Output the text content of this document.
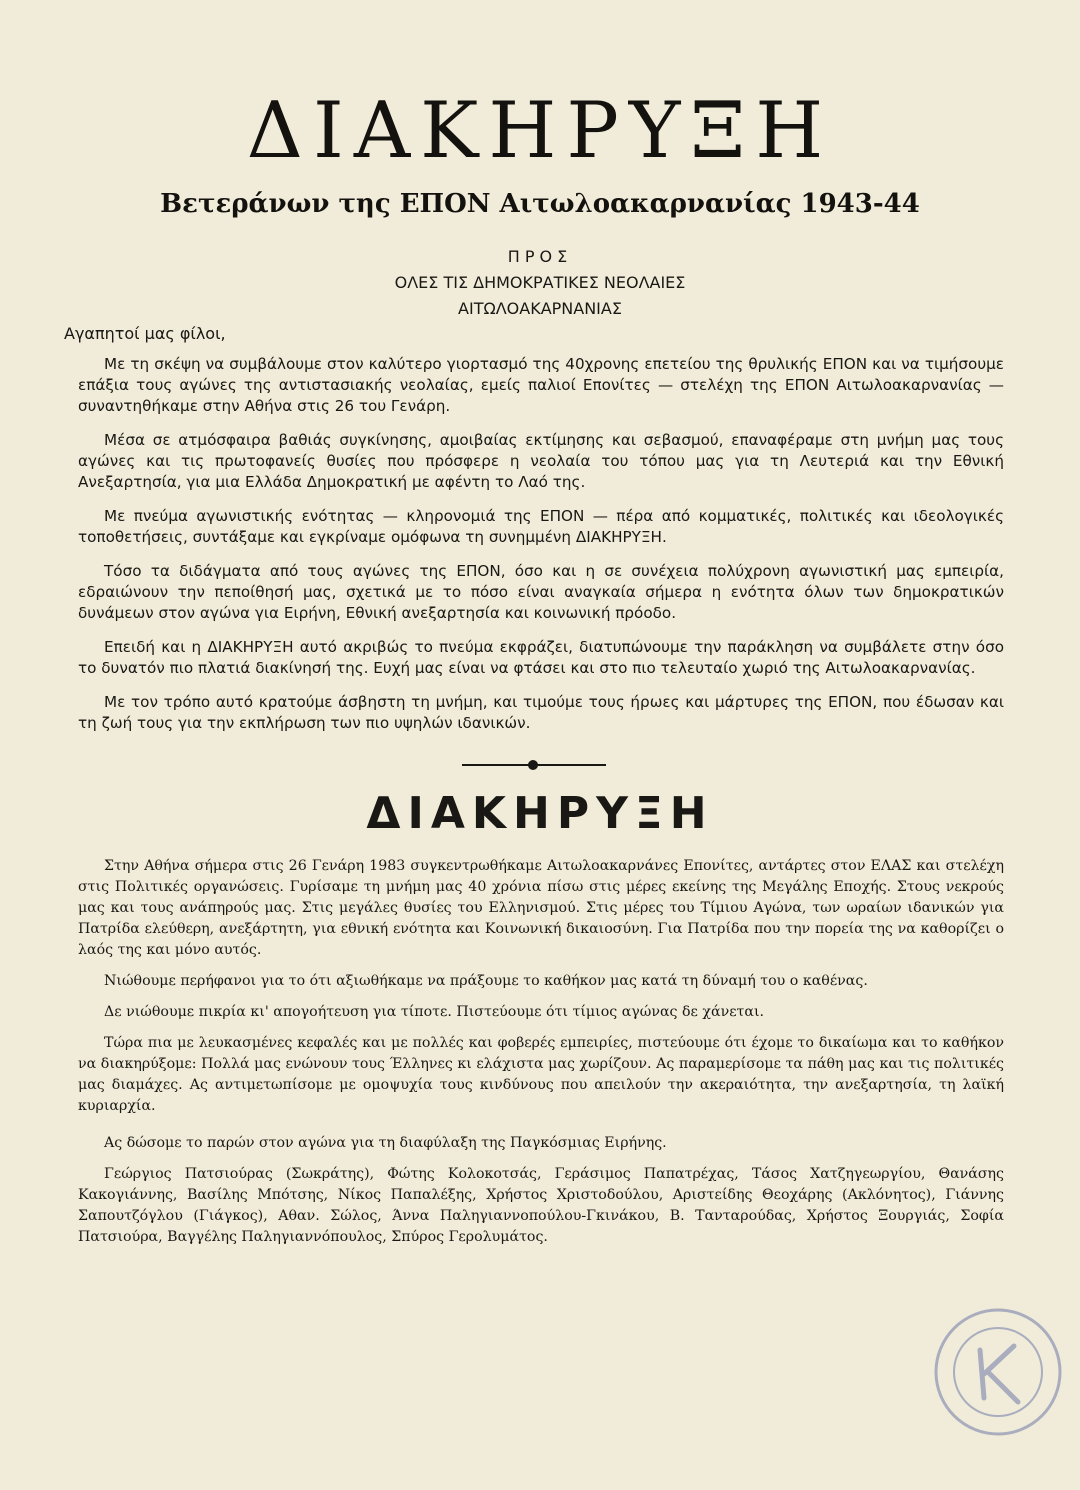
ΔΙΑΚΗΡΥΞΗ
Βετεράνων της ΕΠΟΝ Αιτωλοακαρνανίας 1943-44
ΠΡΟΣ
ΟΛΕΣ ΤΙΣ ΔΗΜΟΚΡΑΤΙΚΕΣ ΝΕΟΛΑΙΕΣ
ΑΙΤΩΛΟΑΚΑΡΝΑΝΙΑΣ
Αγαπητοί μας φίλοι,

Με τη σκέψη να συμβάλουμε στον καλύτερο γιορτασμό της 40χρονης επετείου της θρυλικής ΕΠΟΝ και να τιμήσουμε επάξια τους αγώνες της αντιστασιακής νεολαίας, εμείς παλιοί Επονίτες — στελέχη της ΕΠΟΝ Αιτωλοακαρνανίας — συναντηθήκαμε στην Αθήνα στις 26 του Γενάρη.

Μέσα σε ατμόσφαιρα βαθιάς συγκίνησης, αμοιβαίας εκτίμησης και σεβασμού, επαναφέραμε στη μνήμη μας τους αγώνες και τις πρωτοφανείς θυσίες που πρόσφερε η νεολαία του τόπου μας για τη Λευτεριά και την Εθνική Ανεξαρτησία, για μια Ελλάδα Δημοκρατική με αφέντη το Λαό της.

Με πνεύμα αγωνιστικής ενότητας — κληρονομιά της ΕΠΟΝ — πέρα από κομματικές, πολιτικές και ιδεολογικές τοποθετήσεις, συντάξαμε και εγκρίναμε ομόφωνα τη συνημμένη ΔΙΑΚΗΡΥΞΗ.

Τόσο τα διδάγματα από τους αγώνες της ΕΠΟΝ, όσο και η σε συνέχεια πολύχρονη αγωνιστική μας εμπειρία, εδραιώνουν την πεποίθησή μας, σχετικά με το πόσο είναι αναγκαία σήμερα η ενότητα όλων των δημοκρατικών δυνάμεων στον αγώνα για Ειρήνη, Εθνική ανεξαρτησία και κοινωνική πρόοδο.

Επειδή και η ΔΙΑΚΗΡΥΞΗ αυτό ακριβώς το πνεύμα εκφράζει, διατυπώνουμε την παράκληση να συμβάλετε στην όσο το δυνατόν πιο πλατιά διακίνησή της. Ευχή μας είναι να φτάσει και στο πιο τελευταίο χωριό της Αιτωλοακαρνανίας.

Με τον τρόπο αυτό κρατούμε άσβηστη τη μνήμη, και τιμούμε τους ήρωες και μάρτυρες της ΕΠΟΝ, που έδωσαν και τη ζωή τους για την εκπλήρωση των πιο υψηλών ιδανικών.

ΔΙΑΚΗΡΥΞΗ

Στην Αθήνα σήμερα στις 26 Γενάρη 1983 συγκεντρωθήκαμε Αιτωλοακαρνάνες Επονίτες, αντάρτες στον ΕΛΑΣ και στελέχη στις Πολιτικές οργανώσεις. Γυρίσαμε τη μνήμη μας 40 χρόνια πίσω στις μέρες εκείνης της Μεγάλης Εποχής. Στους νεκρούς μας και τους ανάπηρούς μας. Στις μεγάλες θυσίες του Ελληνισμού. Στις μέρες του Τίμιου Αγώνα, των ωραίων ιδανικών για Πατρίδα ελεύθερη, ανεξάρτητη, για εθνική ενότητα και Κοινωνική δικαιοσύνη. Για Πατρίδα που την πορεία της να καθορίζει ο λαός της και μόνο αυτός.

Νιώθουμε περήφανοι για το ότι αξιωθήκαμε να πράξουμε το καθήκον μας κατά τη δύναμή του ο καθένας.

Δε νιώθουμε πικρία κι' απογοήτευση για τίποτε. Πιστεύουμε ότι τίμιος αγώνας δε χάνεται.

Τώρα πια με λευκασμένες κεφαλές και με πολλές και φοβερές εμπειρίες, πιστεύουμε ότι έχομε το δικαίωμα και το καθήκον να διακηρύξομε: Πολλά μας ενώνουν τους Έλληνες κι ελάχιστα μας χωρίζουν. Ας παραμερίσομε τα πάθη μας και τις πολιτικές μας διαμάχες. Ας αντιμετωπίσομε με ομοψυχία τους κινδύνους που απειλούν την ακεραιότητα, την ανεξαρτησία, τη λαϊκή κυριαρχία.

Ας δώσομε το παρών στον αγώνα για τη διαφύλαξη της Παγκόσμιας Ειρήνης.

Γεώργιος Πατσιούρας (Σωκράτης), Φώτης Κολοκοτσάς, Γεράσιμος Παπατρέχας, Τάσος Χατζηγεωργίου, Θανάσης Κακογιάννης, Βασίλης Μπότσης, Νίκος Παπαλέξης, Χρήστος Χριστοδούλου, Αριστείδης Θεοχάρης (Ακλόνητος), Γιάννης Σαπουτζόγλου (Γιάγκος), Αθαν. Σώλος, Άννα Παληγιαννοπούλου-Γκινάκου, Β. Τανταρούδας, Χρήστος Ξουργιάς, Σοφία Πατσιούρα, Βαγγέλης Παληγιαννόπουλος, Σπύρος Γερολυμάτος.
